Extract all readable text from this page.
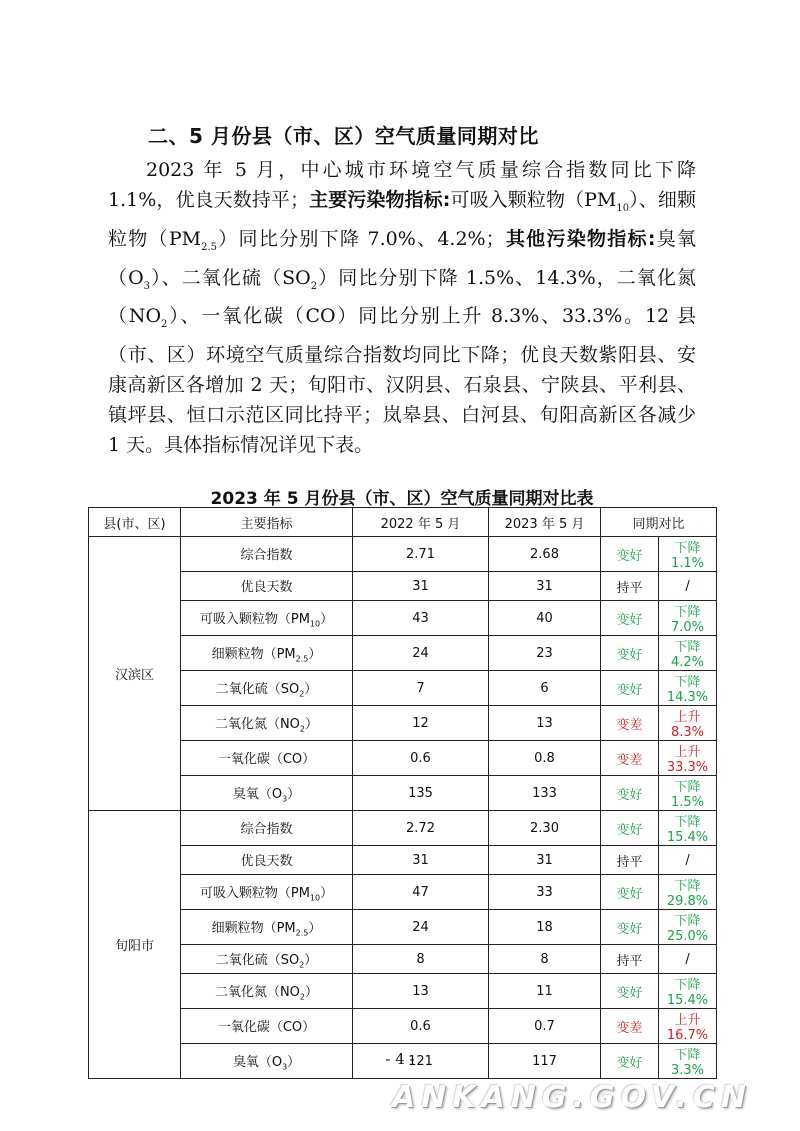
二、5 月份县（市、区）空气质量同期对比
2023 年 5 月，中心城市环境空气质量综合指数同比下降 1.1%，优良天数持平；主要污染物指标:可吸入颗粒物$(PM_{10})$、细颗粒物$(PM_{2.5})$同比分别下降 7.0%、4.2%；其他污染物指标:臭氧$(O_3)$、二氧化硫$(SO_2)$同比分别下降 1.5%、14.3%，二氧化氮$(NO_2)$、一氧化碳（CO）同比分别上升 8.3%、33.3%。12 县（市、区）环境空气质量综合指数均同比下降；优良天数紫阳县、安康高新区各增加 2 天；旬阳市、汉阴县、石泉县、宁陕县、平利县、镇坪县、恒口示范区同比持平；岚皋县、白河县、旬阳高新区各减少 1 天。具体指标情况详见下表。
2023 年 5 月份县（市、区）空气质量同期对比表
县(市、区)	主要指标	2022 年 5 月	2023 年 5 月	同期对比	
汉滨区	综合指数	2.71	2.68	变好	下降 1.1%
	优良天数	31	31	持平	/
	可吸入颗粒物$(PM_{10})$	43	40	变好	下降 7.0%
	细颗粒物$(PM_{2.5})$	24	23	变好	下降 4.2%
	二氧化硫$(SO_2)$	7	6	变好	下降 14.3%
	二氧化氮$(NO_2)$	12	13	变差	上升 8.3%
	一氧化碳（CO）	0.6	0.8	变差	上升 33.3%
	臭氧$(O_3)$	135	133	变好	下降 1.5%
旬阳市	综合指数	2.72	2.30	变好	下降 15.4%
	优良天数	31	31	持平	/
	可吸入颗粒物$(PM_{10})$	47	33	变好	下降 29.8%
	细颗粒物$(PM_{2.5})$	24	18	变好	下降 25.0%
	二氧化硫$(SO_2)$	8	8	持平	/
	二氧化氮$(NO_2)$	13	11	变好	下降 15.4%
	一氧化碳（CO）	0.6	0.7	变差	上升 16.7%
	臭氧$(O_3)$	121	117	变好	下降 3.3%
- 4 -
ANKANG.GOV.CN
